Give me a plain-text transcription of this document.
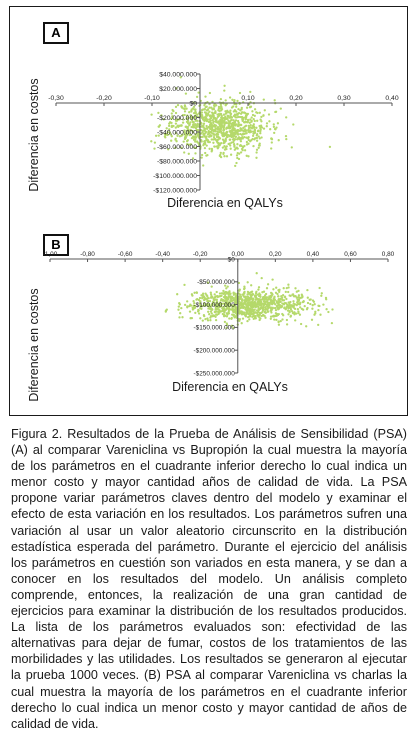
A
B
-0,30	-0,20	-0,10	0,10	0,20	0,30	0,40
$40.000.000
$20.000.000
$0
-$20.000.000
-$40.000.000
-$60.000.000
-$80.000.000
-$100.000.000
-$120.000.000
Diferencia en QALYs
Diferencia en costos
-1,00	-0,80	-0,60	-0,40	-0,20	0,00	0,20	0,40	0,60	0,80
$0
-$50.000.000
-$100.000.000
-$150.000.000
-$200.000.000
-$250.000.000
Diferencia en QALYs
Diferencia en costos

Figura 2. Resultados de la Prueba de Análisis de Sensibilidad (PSA) (A) al comparar Vareniclina vs Bupropión la cual muestra la mayoría de los parámetros en el cuadrante inferior derecho lo cual indica un menor costo y mayor cantidad años de calidad de vida. La PSA propone variar parámetros claves dentro del modelo y examinar el efecto de esta variación en los resultados. Los parámetros sufren una variación al usar un valor aleatorio circunscrito en la distribución estadística esperada del parámetro. Durante el ejercicio del análisis los parámetros en cuestión son variados en esta manera, y se dan a conocer en los resultados del modelo. Un análisis completo comprende, entonces, la realización de una gran cantidad de ejercicios para examinar la distribución de los resultados producidos. La lista de los parámetros evaluados son: efectividad de las alternativas para dejar de fumar, costos de los tratamientos de las morbilidades y las utilidades. Los resultados se generaron al ejecutar la prueba 1000 veces. (B) PSA al comparar Vareniclina vs charlas la cual muestra la mayoría de los parámetros en el cuadrante inferior derecho lo cual indica un menor costo y mayor cantidad de años de calidad de vida.
